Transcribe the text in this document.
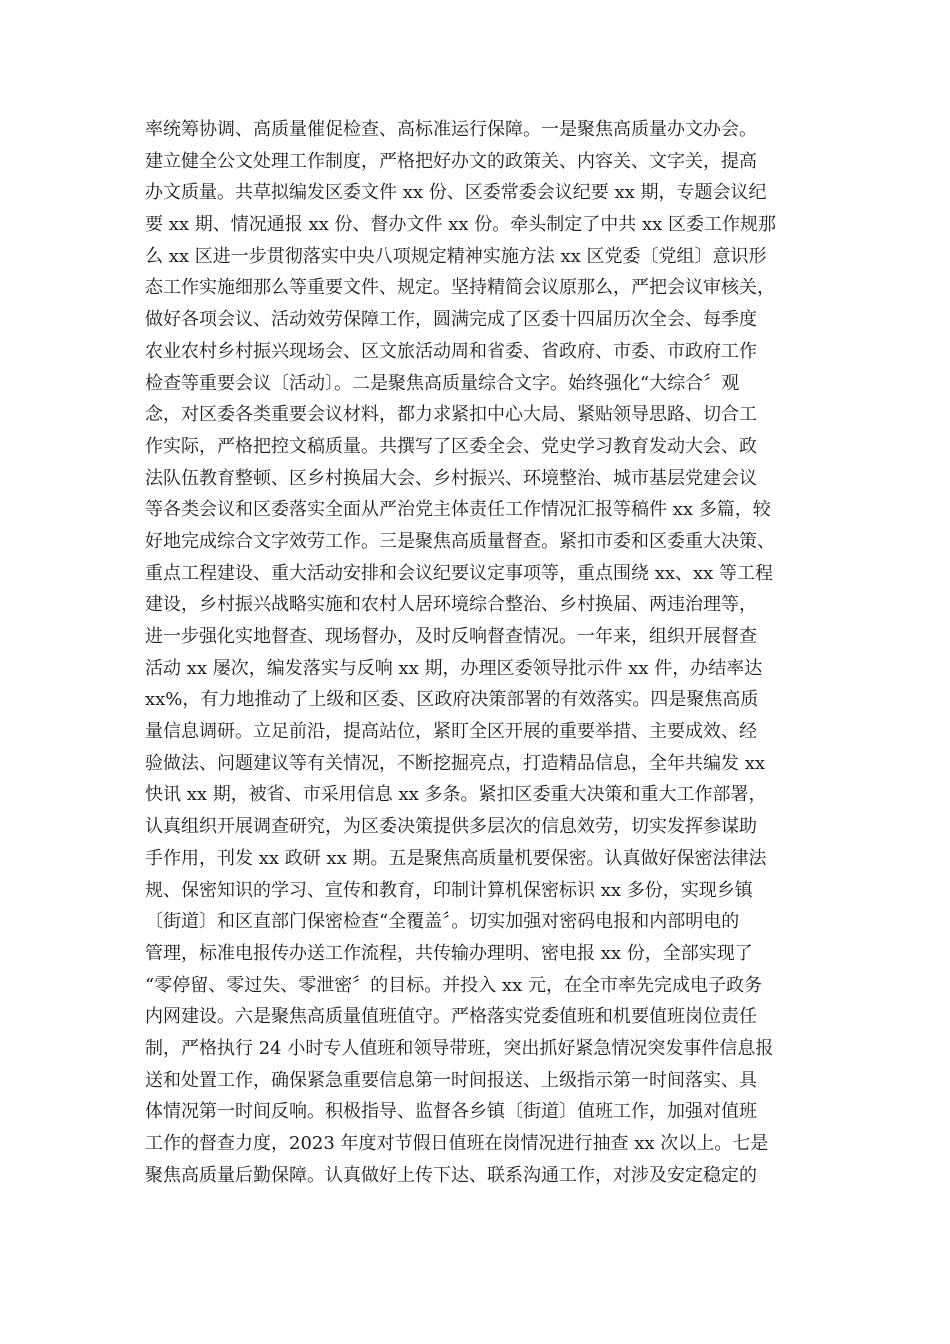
率统筹协调、高质量催促检查、高标准运行保障。一是聚焦高质量办文办会。
建立健全公文处理工作制度，严格把好办文的政策关、内容关、文字关，提高
办文质量。共草拟编发区委文件 xx 份、区委常委会议纪要 xx 期，专题会议纪
要 xx 期、情况通报 xx 份、督办文件 xx 份。牵头制定了中共 xx 区委工作规那
么 xx 区进一步贯彻落实中央八项规定精神实施方法 xx 区党委〔党组〕意识形
态工作实施细那么等重要文件、规定。坚持精简会议原那么，严把会议审核关，
做好各项会议、活动效劳保障工作，圆满完成了区委十四届历次全会、每季度
农业农村乡村振兴现场会、区文旅活动周和省委、省政府、市委、市政府工作
检查等重要会议〔活动〕。二是聚焦高质量综合文字。始终强化“大综合〞观
念，对区委各类重要会议材料，都力求紧扣中心大局、紧贴领导思路、切合工
作实际，严格把控文稿质量。共撰写了区委全会、党史学习教育发动大会、政
法队伍教育整顿、区乡村换届大会、乡村振兴、环境整治、城市基层党建会议
等各类会议和区委落实全面从严治党主体责任工作情况汇报等稿件 xx 多篇，较
好地完成综合文字效劳工作。三是聚焦高质量督查。紧扣市委和区委重大决策、
重点工程建设、重大活动安排和会议纪要议定事项等，重点围绕 xx、xx 等工程
建设，乡村振兴战略实施和农村人居环境综合整治、乡村换届、两违治理等，
进一步强化实地督查、现场督办，及时反响督查情况。一年来，组织开展督查
活动 xx 屡次，编发落实与反响 xx 期，办理区委领导批示件 xx 件，办结率达
xx%，有力地推动了上级和区委、区政府决策部署的有效落实。四是聚焦高质
量信息调研。立足前沿，提高站位，紧盯全区开展的重要举措、主要成效、经
验做法、问题建议等有关情况，不断挖掘亮点，打造精品信息，全年共编发 xx
快讯 xx 期，被省、市采用信息 xx 多条。紧扣区委重大决策和重大工作部署，
认真组织开展调查研究，为区委决策提供多层次的信息效劳，切实发挥参谋助
手作用，刊发 xx 政研 xx 期。五是聚焦高质量机要保密。认真做好保密法律法
规、保密知识的学习、宣传和教育，印制计算机保密标识 xx 多份，实现乡镇
〔街道〕和区直部门保密检查“全覆盖〞。切实加强对密码电报和内部明电的
管理，标准电报传办送工作流程，共传输办理明、密电报 xx 份，全部实现了
“零停留、零过失、零泄密〞的目标。并投入 xx 元，在全市率先完成电子政务
内网建设。六是聚焦高质量值班值守。严格落实党委值班和机要值班岗位责任
制，严格执行 24 小时专人值班和领导带班，突出抓好紧急情况突发事件信息报
送和处置工作，确保紧急重要信息第一时间报送、上级指示第一时间落实、具
体情况第一时间反响。积极指导、监督各乡镇〔街道〕值班工作，加强对值班
工作的督查力度，2023 年度对节假日值班在岗情况进行抽查 xx 次以上。七是
聚焦高质量后勤保障。认真做好上传下达、联系沟通工作，对涉及安定稳定的
